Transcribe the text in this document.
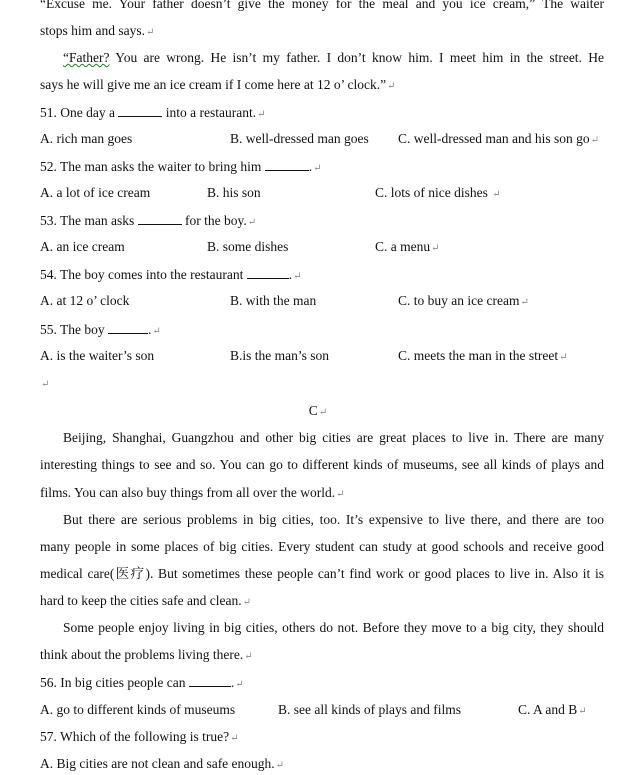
“Excuse me. Your father doesn’t give the money for the meal and you ice cream,” The waiter
stops him and says.↵
“Father? You are wrong. He isn’t my father. I don’t know him. I meet him in the street. He
says he will give me an ice cream if I come here at 12 o’ clock.”↵
51. One day a	into a restaurant.↵
A. rich man goes	B. well-dressed man goes C. well-dressed man and his son go↵
52. The man asks the waiter to bring him	.↵
A. a lot of ice cream	B. his son	C. lots of nice dishes ↵
53. The man asks	for the boy.↵
A. an ice cream	B. some dishes	C. a menu↵
54. The boy comes into the restaurant	.↵
A. at 12 o’ clock	B. with the man	C. to buy an ice cream↵
55. The boy	.↵
A. is the waiter’s son	B.is the man’s son	C. meets the man in the street↵
↵
C↵
Beijing, Shanghai, Guangzhou and other big cities are great places to live in. There are many
interesting things to see and so. You can go to different kinds of museums, see all kinds of plays and
films. You can also buy things from all over the world.↵
But there are serious problems in big cities, too. It’s expensive to live there, and there are too
many people in some places of big cities. Every student can study at good schools and receive good
medical care(医疗). But sometimes these people can’t find work or good places to live in. Also it is
hard to keep the cities safe and clean.↵
Some people enjoy living in big cities, others do not. Before they move to a big city, they should
think about the problems living there.↵
56. In big cities people can	.↵
A. go to different kinds of museums	B. see all kinds of plays and films	C. A and B↵
57. Which of the following is true?↵
A. Big cities are not clean and safe enough.↵
